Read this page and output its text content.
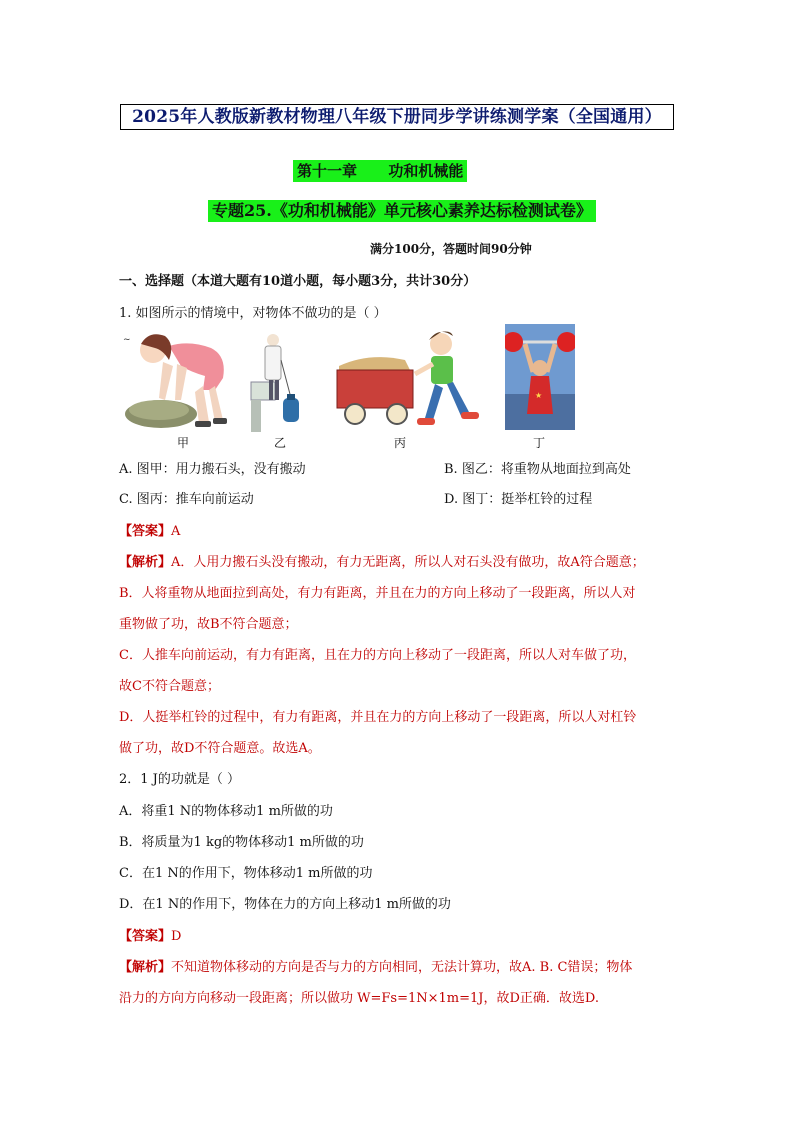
2025年人教版新教材物理八年级下册同步学讲练测学案（全国通用）
第十一章      功和机械能
专题25.《功和机械能》单元核心素养达标检测试卷》
满分100分，答题时间90分钟
一、选择题（本道大题有10道小题，每小题3分，共计30分）
1. 如图所示的情境中，对物体不做功的是（ ）
~
★
甲	乙	丙	丁
A. 图甲：用力搬石头，没有搬动	B. 图乙：将重物从地面拉到高处
C. 图丙：推车向前运动	D. 图丁：挺举杠铃的过程
【答案】A
【解析】A．人用力搬石头没有搬动，有力无距离，所以人对石头没有做功，故A符合题意；
B．人将重物从地面拉到高处，有力有距离，并且在力的方向上移动了一段距离，所以人对
重物做了功，故B不符合题意；
C．人推车向前运动，有力有距离，且在力的方向上移动了一段距离，所以人对车做了功，
故C不符合题意；
D．人挺举杠铃的过程中，有力有距离，并且在力的方向上移动了一段距离，所以人对杠铃
做了功，故D不符合题意。故选A。
2．1 J的功就是（ ）
A．将重1 N的物体移动1 m所做的功
B．将质量为1 kg的物体移动1 m所做的功
C．在1 N的作用下，物体移动1 m所做的功
D．在1 N的作用下，物体在力的方向上移动1 m所做的功
【答案】D
【解析】不知道物体移动的方向是否与力的方向相同，无法计算功，故A. B. C错误；物体
沿力的方向方向移动一段距离；所以做功 W=Fs=1N×1m=1J，故D正确．故选D.
